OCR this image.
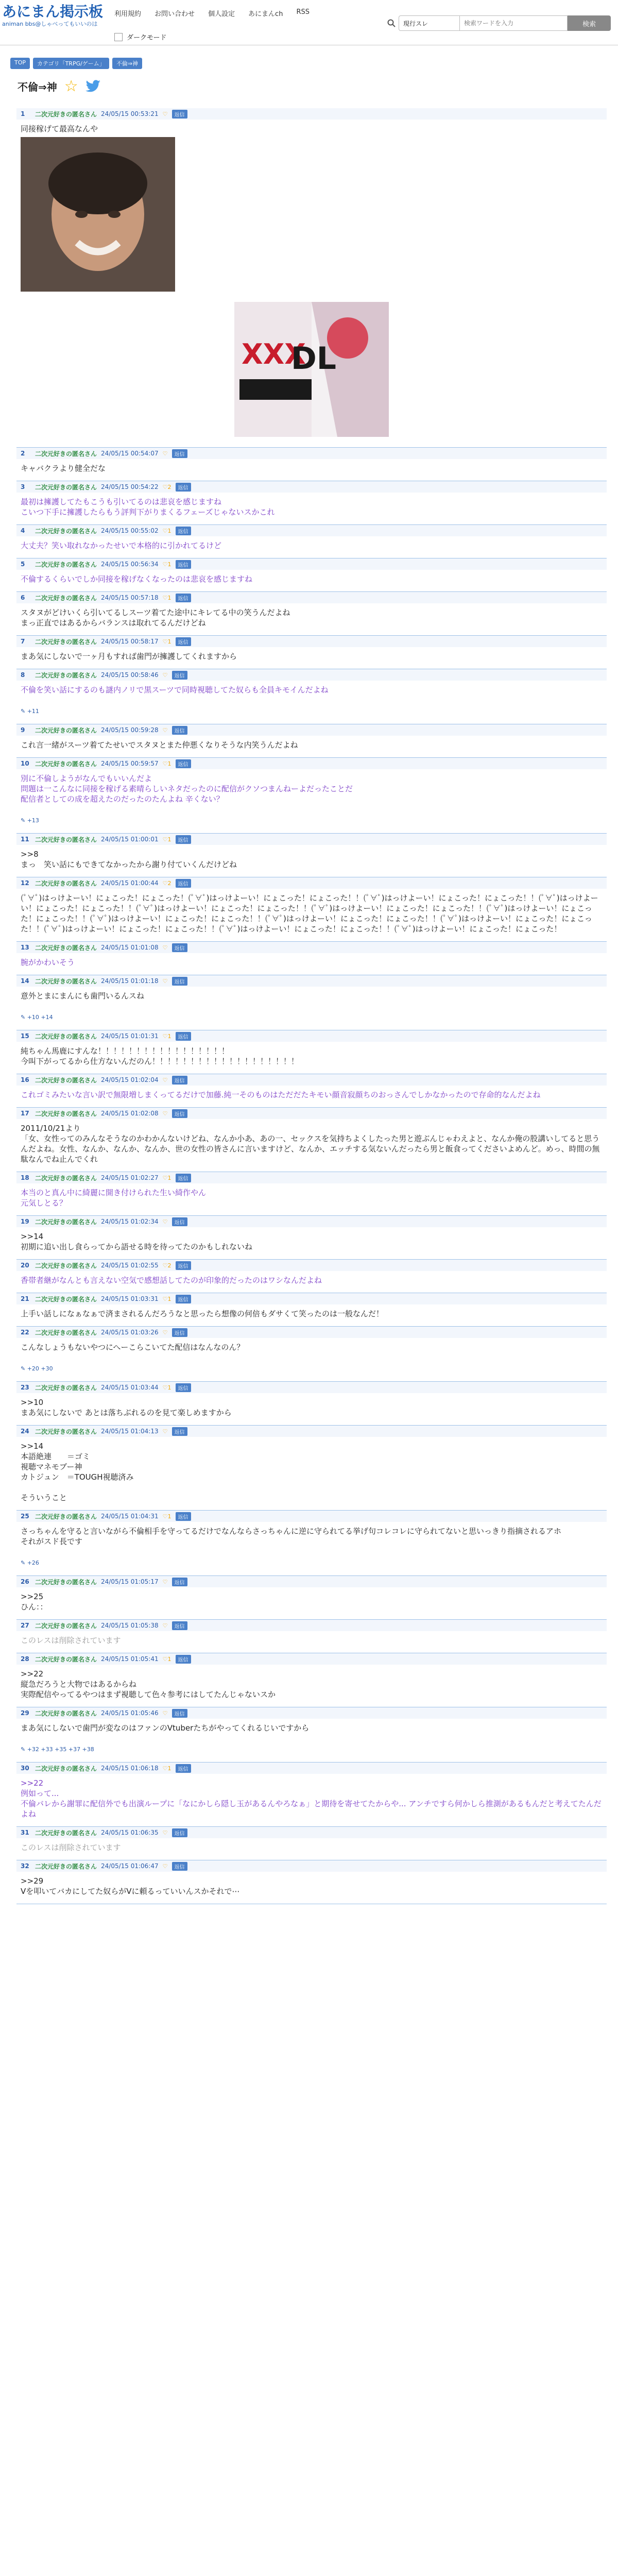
あにまん掲示板
animan bbs@しゃべってもいいのは
利用規約 お問い合わせ 個人設定 あにまんch RSS
ダークモード
現行スレ
検索ワードを入力	検索
TOP	カテゴリ「TRPG/ゲーム」	不倫⇒神
不倫⇒神 ☆
1	二次元好きの匿名さん 24/05/15 00:53:21 ♡	返信
同接稼げて最高なんや
XXX
DL
2	二次元好きの匿名さん 24/05/15 00:54:07 ♡	返信
キャバクラより健全だな
3	二次元好きの匿名さん 24/05/15 00:54:22 ♡2	返信
最初は擁護してたもこうも引いてるのは悲哀を感じますね
こいつ下手に擁護したらもう評判下がりまくるフェーズじゃないスかこれ
4	二次元好きの匿名さん 24/05/15 00:55:02 ♡1	返信
大丈夫？笑い取れなかったせいで本格的に引かれてるけど
5	二次元好きの匿名さん 24/05/15 00:56:34 ♡1	返信
不倫するくらいでしか同接を稼げなくなったのは悲哀を感じますね
6	二次元好きの匿名さん 24/05/15 00:57:18 ♡1	返信
スタヌがどけいくら引いてるしスーツ着てた途中にキレてる中の笑うんだよね
まっ正直ではあるからバランスは取れてるんだけどね
7	二次元好きの匿名さん 24/05/15 00:58:17 ♡1	返信
まあ気にしないで一ヶ月もすれば歯門が擁護してくれますから
8	二次元好きの匿名さん 24/05/15 00:58:46 ♡	返信
不倫を笑い話にするのも謎内ノリで黒スーツで同時視聴してた奴らも全員キモイんだよね
✎ +11
9	二次元好きの匿名さん 24/05/15 00:59:28 ♡	返信
これ言一緒がスーツ着てたせいでスタヌとまた仲悪くなりそうな内笑うんだよね
10 二次元好きの匿名さん 24/05/15 00:59:57 ♡1	返信
別に不倫しようがなんでもいいんだよ
問題は一こんなに同接を稼げる素晴らしいネタだったのに配信がクソつまんねーよだったことだ
配信者としての成を超えたのだったのたんよね 辛くない？
✎ +13
11 二次元好きの匿名さん 24/05/15 01:00:01 ♡1	返信
>>8
まっ　笑い話にもできてなかったから謝り付ていくんだけどね
12 二次元好きの匿名さん 24/05/15 01:00:44 ♡2	返信
(ﾟ∀ﾟ)はっけよーい！にょこった！にょこった！(ﾟ∀ﾟ)はっけよーい！にょこった！にょこった！！(ﾟ∀ﾟ)はっけよーい！にょこった！にょこった！！(ﾟ∀ﾟ)はっけよーい！にょこった！にょこった！！(ﾟ∀ﾟ)はっけよーい！にょこった！にょこった！！(ﾟ∀ﾟ)はっけよーい！にょこった！にょこった！！(ﾟ∀ﾟ)はっけよーい！にょこった！にょこった！！(ﾟ∀ﾟ)はっけよーい！にょこった！にょこった！！(ﾟ∀ﾟ)はっけよーい！にょこった！にょこった！！(ﾟ∀ﾟ)はっけよーい！にょこった！にょこった！！(ﾟ∀ﾟ)はっけよーい！にょこった！にょこった！！(ﾟ∀ﾟ)はっけよーい！にょこった！にょこった！！(ﾟ∀ﾟ)はっけよーい！にょこった！にょこった！
13 二次元好きの匿名さん 24/05/15 01:01:08 ♡	返信
腕がかわいそう
14 二次元好きの匿名さん 24/05/15 01:01:18 ♡	返信
意外とまにまんにも歯門いるんスね
✎ +10 +14
15 二次元好きの匿名さん 24/05/15 01:01:31 ♡1	返信
純ちゃん馬鹿にすんな！！！！！！！！！！！！！！！！！
今叫下がってるから仕方ないんだのん！！！！！！！！！！！！！！！！！！！
16 二次元好きの匿名さん 24/05/15 01:02:04 ♡	返信
これゴミみたいな言い訳で無限増しまくってるだけで加藤.純一そのものはただだたキモい顔音寂顔ちのおっさんでしかなかったので存命的なんだよね
17 二次元好きの匿名さん 24/05/15 01:02:08 ♡	返信
2011/10/21より
「女、女性ってのみんなそうなのかわかんないけどね、なんか小あ、あの一、セックスを気持ちよくしたった男と遊ぶんじゃわえよと、なんか俺の股講いしてると思うんだよね。女性、なんか、なんか、なんか、世の女性の皆さんに言いますけど、なんか、エッチする気ないんだったら男と飯食ってくださいよめんど。めっ、時間の無駄なんでね止んでくれ
18 二次元好きの匿名さん 24/05/15 01:02:27 ♡1	返信
本当のと真ん中に綺麗に開き付けられた生い綺作やん
元気しとる？
19 二次元好きの匿名さん 24/05/15 01:02:34 ♡	返信
>>14
初期に追い出し食らってから語せる時を待ってたのかもしれないね
20 二次元好きの匿名さん 24/05/15 01:02:55 ♡2	返信
香帯者継がなんとも言えない空気で感想話してたのが印象的だったのはワシなんだよね
21 二次元好きの匿名さん 24/05/15 01:03:31 ♡1	返信
上手い話しになぁなぁで済まされるんだろうなと思ったら想像の何倍もダサくて笑ったのは一般なんだ！
22 二次元好きの匿名さん 24/05/15 01:03:26 ♡	返信
こんなしょうもないやつにへーこらこいてた配信はなんなのん？
✎ +20 +30
23 二次元好きの匿名さん 24/05/15 01:03:44 ♡1	返信
>>10
まあ気にしないで あとは落ちぶれるのを見て楽しめますから
24 二次元好きの匿名さん 24/05/15 01:04:13 ♡	返信
>>14
本語絶連　　＝ゴミ
視聴マネモブー神
カトジュン　＝TOUGH視聴済み

そういうこと
25 二次元好きの匿名さん 24/05/15 01:04:31 ♡1	返信
さっちゃんを守ると言いながら不倫相手を守ってるだけでなんならさっちゃんに逆に守られてる挙げ句コレコレに守られてないと思いっきり指摘されるアホ
それがスド長です
✎ +26
26 二次元好きの匿名さん 24/05/15 01:05:17 ♡	返信
>>25
ひん：：
27 二次元好きの匿名さん 24/05/15 01:05:38 ♡	返信
このレスは削除されています
28 二次元好きの匿名さん 24/05/15 01:05:41 ♡1	返信
>>22
縦急だろうと大物ではあるからね
実際配信やってるやつはまず視聴して色々参考にはしてたんじゃないスか
29 二次元好きの匿名さん 24/05/15 01:05:46 ♡	返信
まあ気にしないで歯門が変なのはファンのVtuberたちがやってくれるじいですから
✎ +32 +33 +35 +37 +38
30 二次元好きの匿名さん 24/05/15 01:06:18 ♡1	返信
>>22
例如って...
不倫バレから謝罪に配信外でも出演ループに「なにかしら隠し玉があるんやろなぁ」と期待を寄せてたからや... アンチですら何かしら推測があるもんだと考えてたんだよね
31 二次元好きの匿名さん 24/05/15 01:06:35 ♡	返信
このレスは削除されています
32 二次元好きの匿名さん 24/05/15 01:06:47 ♡	返信
>>29
Vを叩いてバカにしてた奴らがVに頼るっていいんスかそれで⋯
